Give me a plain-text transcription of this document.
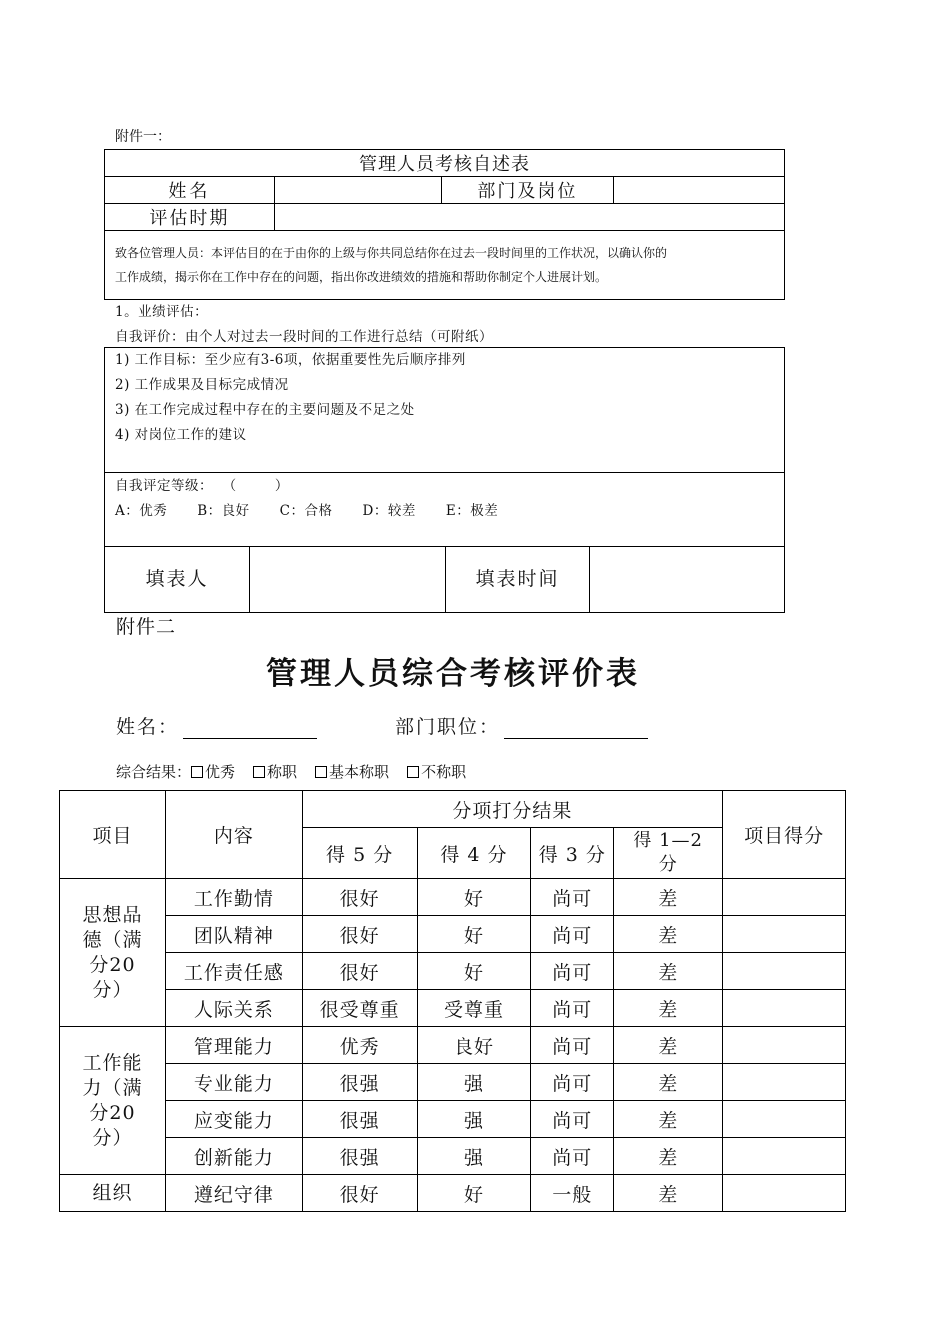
附件一：
管理人员考核自述表			
姓名		部门及岗位	
评估时期			

致各位管理人员：本评估目的在于由你的上级与你共同总结你在过去一段时间里的工作状况，以确认你的
工作成绩，揭示你在工作中存在的问题，指出你改进绩效的措施和帮助你制定个人进展计划。			
1。业绩评估：
自我评价：由个人对过去一段时间的工作进行总结（可附纸）
1) 工作目标：至少应有3-6项，依据重要性先后顺序排列
2) 工作成果及目标完成情况
3) 在工作完成过程中存在的主要问题及不足之处
4) 对岗位工作的建议
自我评定等级：  （        ）
A：优秀 B：良好 C：合格 D：较差 E：极差
填表人	填表时间
附件二
管理人员综合考核评价表
姓名：	部门职位：
综合结果： 优秀 称职 基本称职 不称职
项目	内容	分项打分结果				项目得分
		得 5 分	得 4 分	得 3 分	得 1—2 分	
思想品德（满分20分）	工作勤情	很好	好	尚可	差	
	团队精神	很好	好	尚可	差	
	工作责任感	很好	好	尚可	差	
	人际关系	很受尊重	受尊重	尚可	差	
工作能力（满分20分）	管理能力	优秀	良好	尚可	差	
	专业能力	很强	强	尚可	差	
	应变能力	很强	强	尚可	差	
	创新能力	很强	强	尚可	差	
组织	遵纪守律	很好	好	一般	差	
